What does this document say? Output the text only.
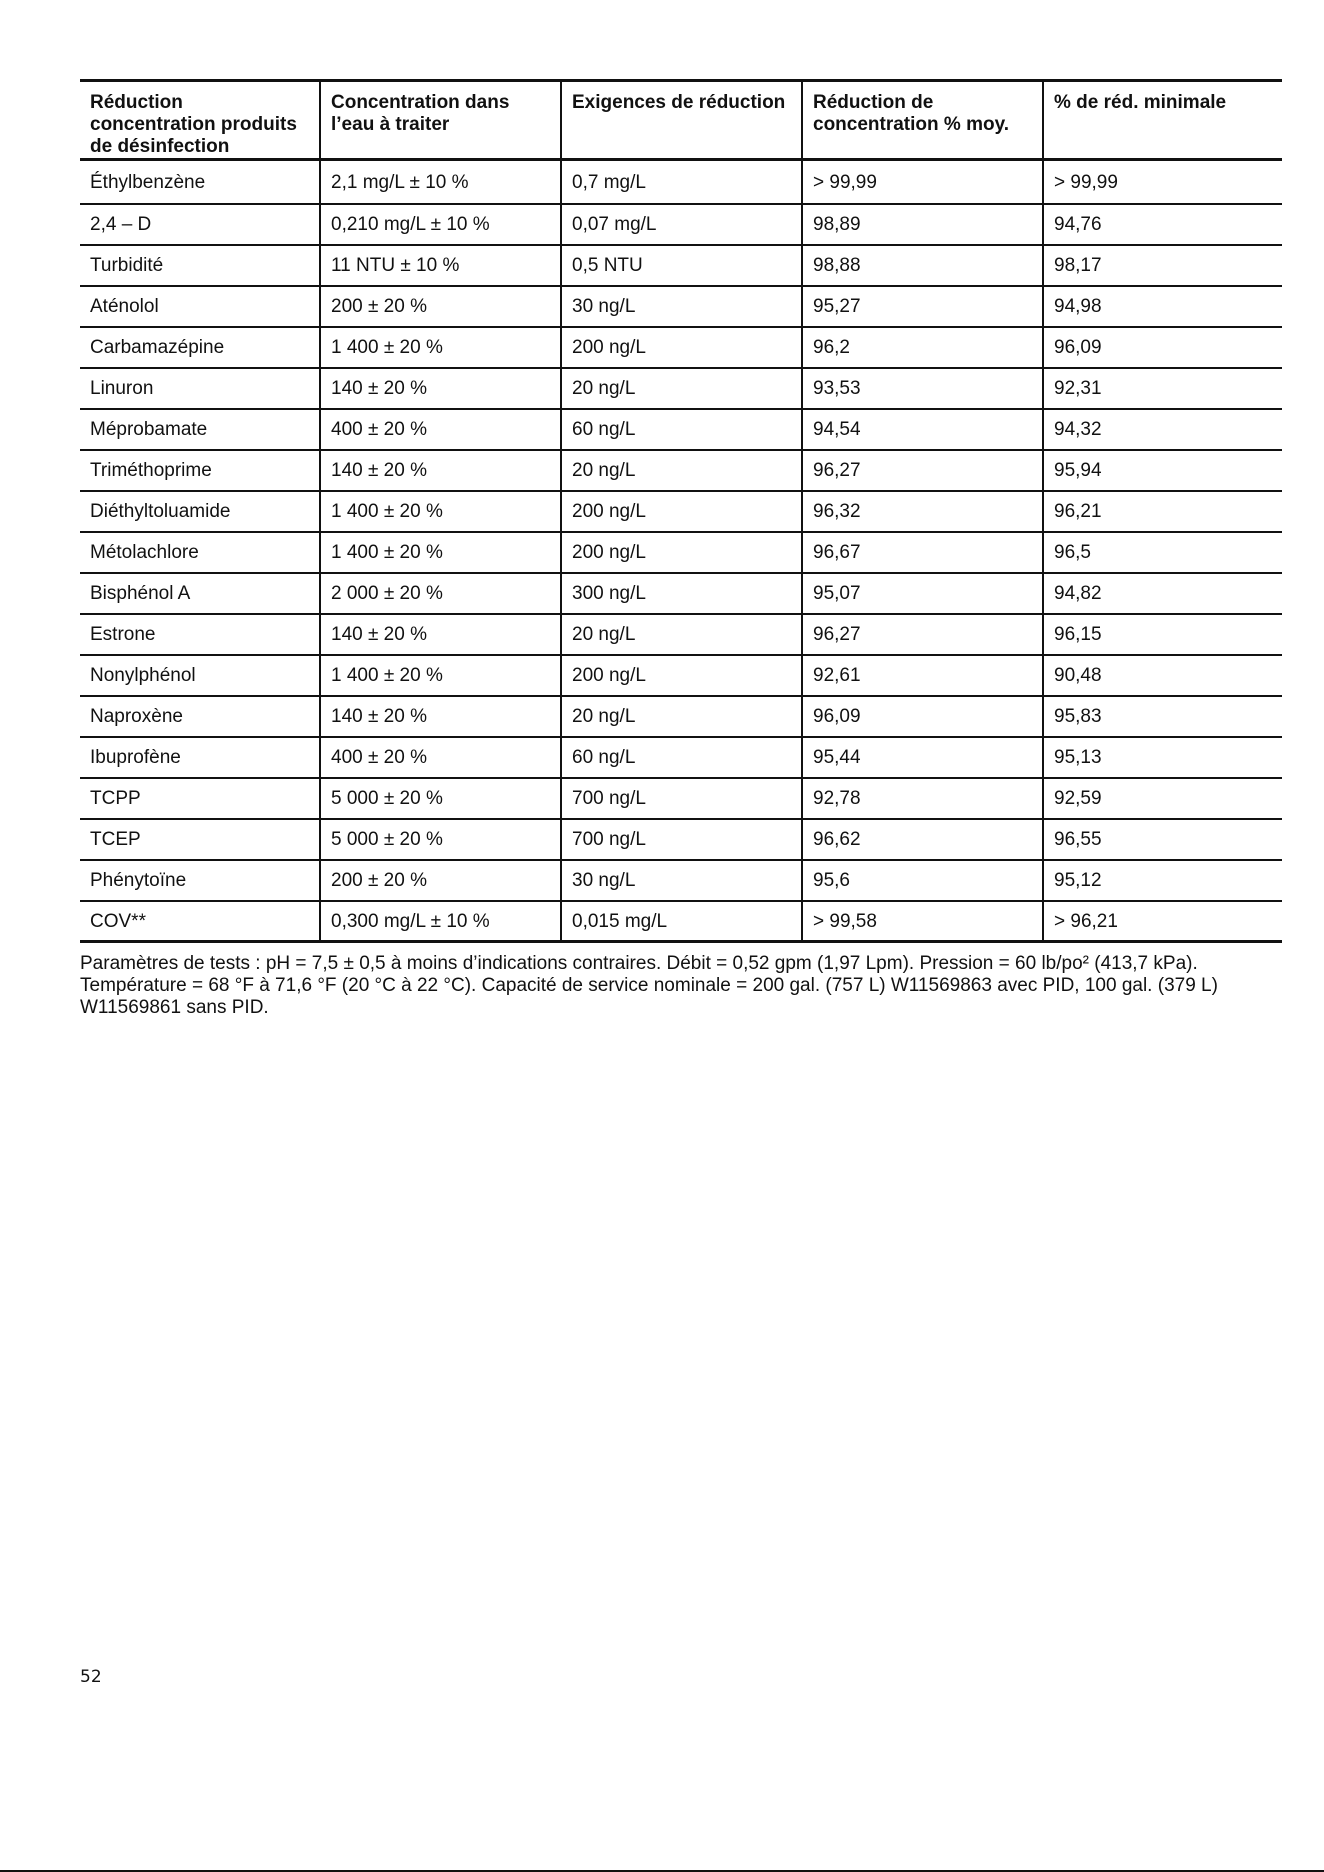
Réduction concentration produits de désinfection	Concentration dans l’eau à traiter	Exigences de réduction	Réduction de concentration % moy.	% de réd. minimale
Éthylbenzène	2,1 mg/L ± 10 %	0,7 mg/L	> 99,99	> 99,99
2,4 – D	0,210 mg/L ± 10 %	0,07 mg/L	98,89	94,76
Turbidité	11 NTU ± 10 %	0,5 NTU	98,88	98,17
Aténolol	200 ± 20 %	30 ng/L	95,27	94,98
Carbamazépine	1 400 ± 20 %	200 ng/L	96,2	96,09
Linuron	140 ± 20 %	20 ng/L	93,53	92,31
Méprobamate	400 ± 20 %	60 ng/L	94,54	94,32
Triméthoprime	140 ± 20 %	20 ng/L	96,27	95,94
Diéthyltoluamide	1 400 ± 20 %	200 ng/L	96,32	96,21
Métolachlore	1 400 ± 20 %	200 ng/L	96,67	96,5
Bisphénol A	2 000 ± 20 %	300 ng/L	95,07	94,82
Estrone	140 ± 20 %	20 ng/L	96,27	96,15
Nonylphénol	1 400 ± 20 %	200 ng/L	92,61	90,48
Naproxène	140 ± 20 %	20 ng/L	96,09	95,83
Ibuprofène	400 ± 20 %	60 ng/L	95,44	95,13
TCPP	5 000 ± 20 %	700 ng/L	92,78	92,59
TCEP	5 000 ± 20 %	700 ng/L	96,62	96,55
Phénytoïne	200 ± 20 %	30 ng/L	95,6	95,12
COV**	0,300 mg/L ± 10 %	0,015 mg/L	> 99,58	> 96,21

Paramètres de tests : pH = 7,5 ± 0,5 à moins d’indications contraires. Débit = 0,52 gpm (1,97 Lpm). Pression = 60 lb/po² (413,7 kPa). Température = 68 °F à 71,6 °F (20 °C à 22 °C). Capacité de service nominale = 200 gal. (757 L) W11569863 avec PID, 100 gal. (379 L) W11569861 sans PID.

52
